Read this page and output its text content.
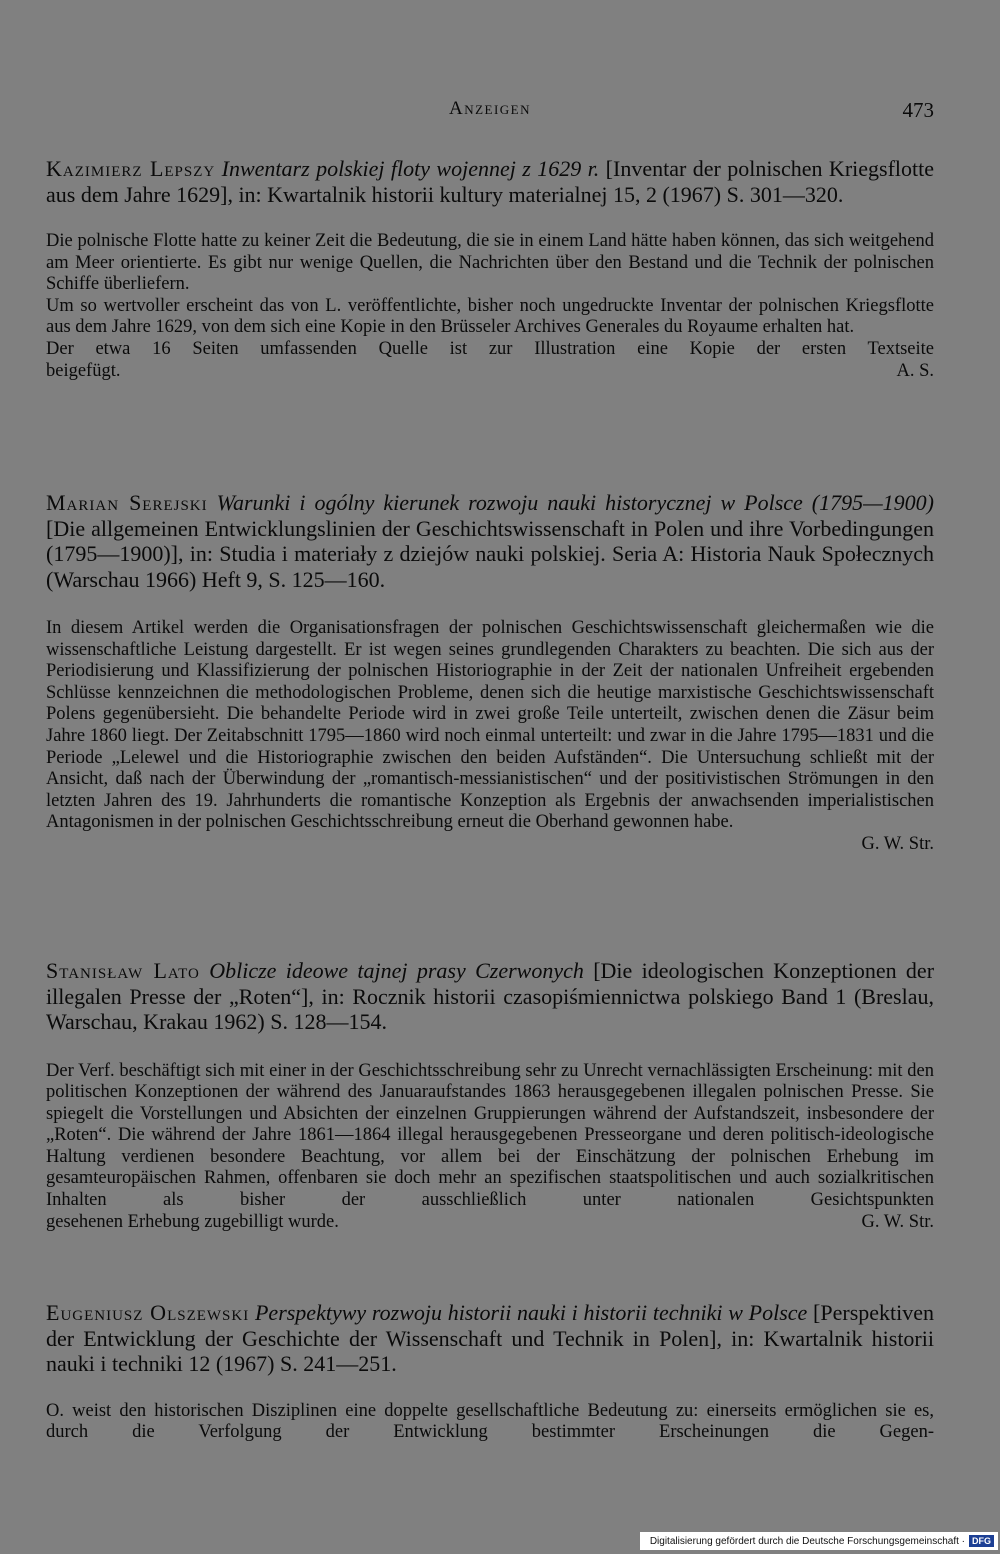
Anzeigen	473

Kazimierz Lepszy Inwentarz polskiej floty wojennej z 1629 r. [Inventar der polnischen Kriegsflotte aus dem Jahre 1629], in: Kwartalnik historii kultury materialnej 15, 2 (1967) S. 301—320.

Die polnische Flotte hatte zu keiner Zeit die Bedeutung, die sie in einem Land hätte haben können, das sich weitgehend am Meer orientierte. Es gibt nur wenige Quellen, die Nachrichten über den Bestand und die Technik der polnischen Schiffe überliefern.

Um so wertvoller erscheint das von L. veröffentlichte, bisher noch ungedruckte Inventar der polnischen Kriegsflotte aus dem Jahre 1629, von dem sich eine Kopie in den Brüsseler Archives Generales du Royaume erhalten hat.

Der etwa 16 Seiten umfassenden Quelle ist zur Illustration eine Kopie der ersten Textseite

beigefügt.	A. S.

Marian Serejski Warunki i ogólny kierunek rozwoju nauki historycznej w Polsce (1795—1900) [Die allgemeinen Entwicklungslinien der Geschichtswissenschaft in Polen und ihre Vorbedingungen (1795—1900)], in: Studia i materiały z dziejów nauki polskiej. Seria A: Historia Nauk Społecznych (Warschau 1966) Heft 9, S. 125—160.

In diesem Artikel werden die Organisationsfragen der polnischen Geschichtswissenschaft gleichermaßen wie die wissenschaftliche Leistung dargestellt. Er ist wegen seines grundlegenden Charakters zu beachten. Die sich aus der Periodisierung und Klassifizierung der polnischen Historiographie in der Zeit der nationalen Unfreiheit ergebenden Schlüsse kennzeichnen die methodologischen Probleme, denen sich die heutige marxistische Geschichtswissenschaft Polens gegenübersieht. Die behandelte Periode wird in zwei große Teile unterteilt, zwischen denen die Zäsur beim Jahre 1860 liegt. Der Zeitabschnitt 1795—1860 wird noch einmal unterteilt: und zwar in die Jahre 1795—1831 und die Periode „Lelewel und die Historiographie zwischen den beiden Aufständen“. Die Untersuchung schließt mit der Ansicht, daß nach der Überwindung der „romantisch-messianistischen“ und der positivistischen Strömungen in den letzten Jahren des 19. Jahrhunderts die romantische Konzeption als Ergebnis der anwachsenden imperialistischen Antagonismen in der polnischen Geschichtsschreibung erneut die Oberhand gewonnen habe.

G. W. Str.

Stanisław Lato Oblicze ideowe tajnej prasy Czerwonych [Die ideologischen Konzeptionen der illegalen Presse der „Roten“], in: Rocznik historii czasopiśmiennictwa polskiego Band 1 (Breslau, Warschau, Krakau 1962) S. 128—154.

Der Verf. beschäftigt sich mit einer in der Geschichtsschreibung sehr zu Unrecht vernachlässigten Erscheinung: mit den politischen Konzeptionen der während des Januaraufstandes 1863 herausgegebenen illegalen polnischen Presse. Sie spiegelt die Vorstellungen und Absichten der einzelnen Gruppierungen während der Aufstandszeit, insbesondere der „Roten“. Die während der Jahre 1861—1864 illegal herausgegebenen Presseorgane und deren politisch-ideologische Haltung verdienen besondere Beachtung, vor allem bei der Einschätzung der polnischen Erhebung im gesamteuropäischen Rahmen, offenbaren sie doch mehr an spezifischen staatspolitischen und auch sozialkritischen Inhalten als bisher der ausschließlich unter nationalen Gesichtspunkten

gesehenen Erhebung zugebilligt wurde.	G. W. Str.

Eugeniusz Olszewski Perspektywy rozwoju historii nauki i historii techniki w Polsce [Perspektiven der Entwicklung der Geschichte der Wissenschaft und Technik in Polen], in: Kwartalnik historii nauki i techniki 12 (1967) S. 241—251.

O. weist den historischen Disziplinen eine doppelte gesellschaftliche Bedeutung zu: einerseits ermöglichen sie es, durch die Verfolgung der Entwicklung bestimmter Erscheinungen die Gegen-

Digitalisierung gefördert durch die Deutsche Forschungsgemeinschaft · DFG
